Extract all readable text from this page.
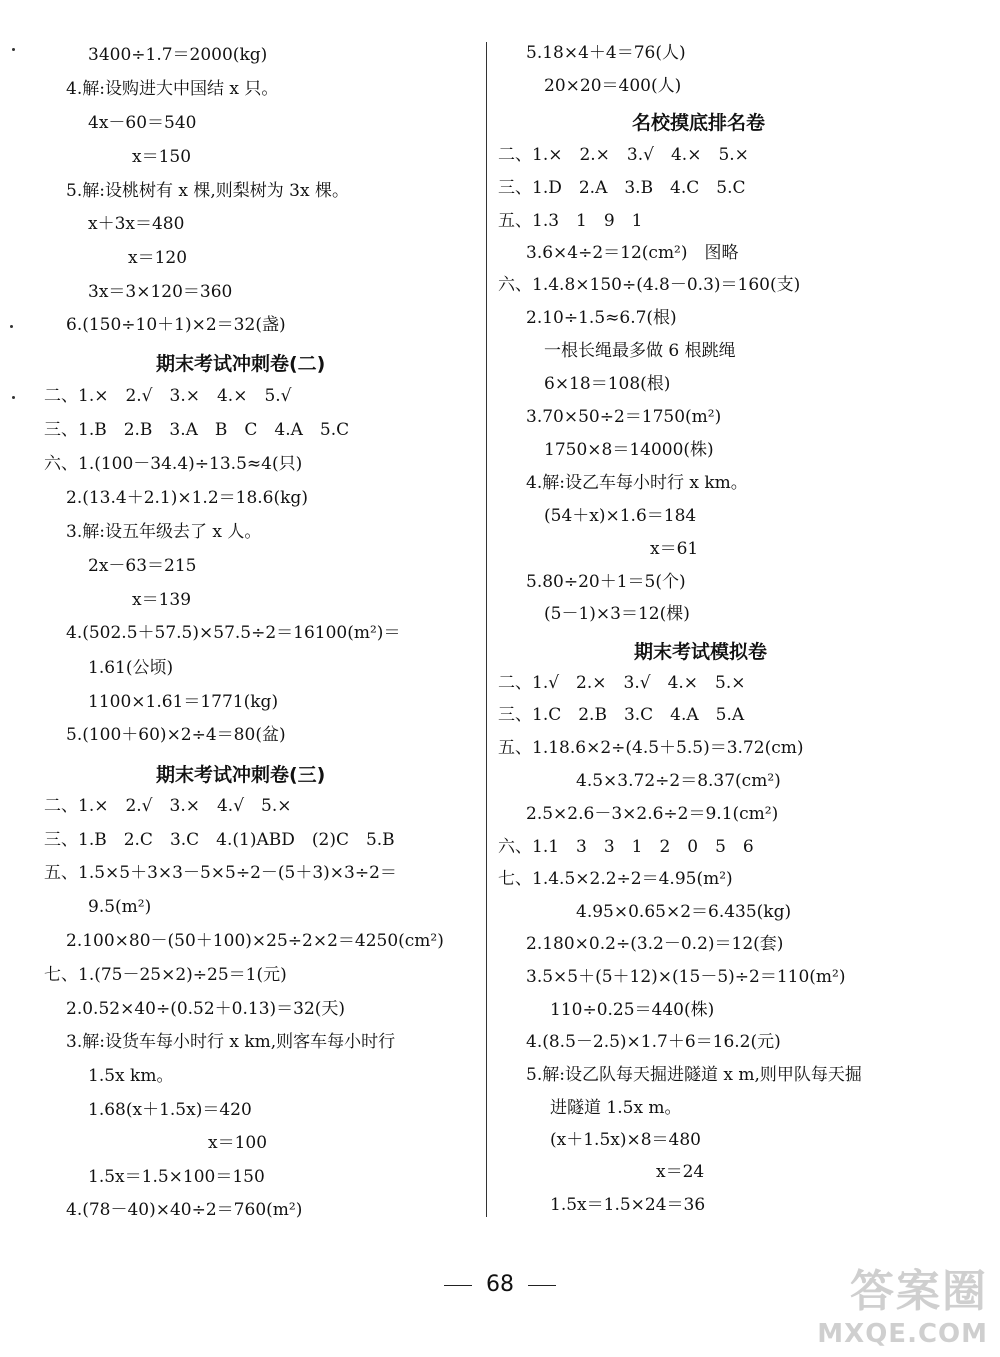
3400÷1.7＝2000(kg)
4.解:设购进大中国结 x 只。
4x－60＝540
x＝150
5.解:设桃树有 x 棵,则梨树为 3x 棵。
x＋3x＝480
x＝120
3x＝3×120＝360
6.(150÷10＋1)×2＝32(盏)
期末考试冲刺卷(二)
二、1.×　2.√　3.×　4.×　5.√
三、1.B　2.B　3.A　B　C　4.A　5.C
六、1.(100－34.4)÷13.5≈4(只)
2.(13.4＋2.1)×1.2＝18.6(kg)
3.解:设五年级去了 x 人。
2x－63＝215
x＝139
4.(502.5＋57.5)×57.5÷2＝16100(m²)＝
1.61(公顷)
1100×1.61＝1771(kg)
5.(100＋60)×2÷4＝80(盆)
期末考试冲刺卷(三)
二、1.×　2.√　3.×　4.√　5.×
三、1.B　2.C　3.C　4.(1)ABD　(2)C　5.B
五、1.5×5＋3×3－5×5÷2－(5＋3)×3÷2＝
9.5(m²)
2.100×80－(50＋100)×25÷2×2＝4250(cm²)
七、1.(75－25×2)÷25＝1(元)
2.0.52×40÷(0.52＋0.13)＝32(天)
3.解:设货车每小时行 x km,则客车每小时行
1.5x km。
1.68(x＋1.5x)＝420
x＝100
1.5x＝1.5×100＝150
4.(78－40)×40÷2＝760(m²)
5.18×4＋4＝76(人)
20×20＝400(人)
名校摸底排名卷
二、1.×　2.×　3.√　4.×　5.×
三、1.D　2.A　3.B　4.C　5.C
五、1.3　1　9　1
3.6×4÷2＝12(cm²)　图略
六、1.4.8×150÷(4.8－0.3)＝160(支)
2.10÷1.5≈6.7(根)
一根长绳最多做 6 根跳绳
6×18＝108(根)
3.70×50÷2＝1750(m²)
1750×8＝14000(株)
4.解:设乙车每小时行 x km。
(54＋x)×1.6＝184
x＝61
5.80÷20＋1＝5(个)
(5－1)×3＝12(棵)
期末考试模拟卷
二、1.√　2.×　3.√　4.×　5.×
三、1.C　2.B　3.C　4.A　5.A
五、1.18.6×2÷(4.5＋5.5)＝3.72(cm)
4.5×3.72÷2＝8.37(cm²)
2.5×2.6－3×2.6÷2＝9.1(cm²)
六、1.1　3　3　1　2　0　5　6
七、1.4.5×2.2÷2＝4.95(m²)
4.95×0.65×2＝6.435(kg)
2.180×0.2÷(3.2－0.2)＝12(套)
3.5×5＋(5＋12)×(15－5)÷2＝110(m²)
110÷0.25＝440(株)
4.(8.5－2.5)×1.7＋6＝16.2(元)
5.解:设乙队每天掘进隧道 x m,则甲队每天掘
进隧道 1.5x m。
(x＋1.5x)×8＝480
x＝24
1.5x＝1.5×24＝36
68	答案圈
MXQE.COM
